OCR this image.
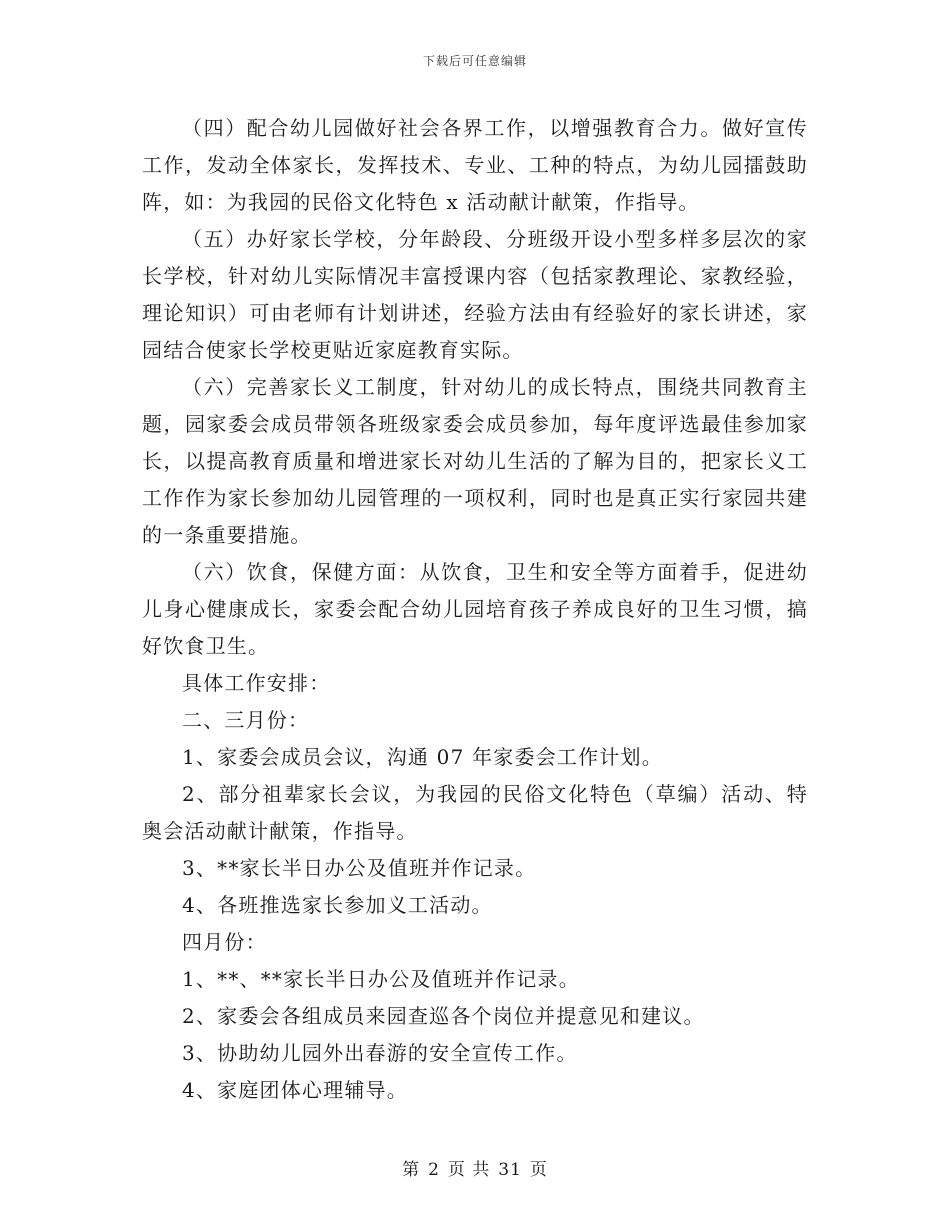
下载后可任意编辑

（四）配合幼儿园做好社会各界工作，以增强教育合力。做好宣传工作，发动全体家长，发挥技术、专业、工种的特点，为幼儿园擂鼓助阵，如：为我园的民俗文化特色 x 活动献计献策，作指导。

（五）办好家长学校，分年龄段、分班级开设小型多样多层次的家长学校，针对幼儿实际情况丰富授课内容（包括家教理论、家教经验，理论知识）可由老师有计划讲述，经验方法由有经验好的家长讲述，家园结合使家长学校更贴近家庭教育实际。

（六）完善家长义工制度，针对幼儿的成长特点，围绕共同教育主题，园家委会成员带领各班级家委会成员参加，每年度评选最佳参加家长，以提高教育质量和增进家长对幼儿生活的了解为目的，把家长义工工作作为家长参加幼儿园管理的一项权利，同时也是真正实行家园共建的一条重要措施。

（六）饮食，保健方面：从饮食，卫生和安全等方面着手，促进幼儿身心健康成长，家委会配合幼儿园培育孩子养成良好的卫生习惯，搞好饮食卫生。

具体工作安排：

二、三月份：

1、家委会成员会议，沟通 07 年家委会工作计划。

2、部分祖辈家长会议，为我园的民俗文化特色（草编）活动、特奥会活动献计献策，作指导。

3、**家长半日办公及值班并作记录。

4、各班推选家长参加义工活动。

四月份：

1、**、**家长半日办公及值班并作记录。

2、家委会各组成员来园查巡各个岗位并提意见和建议。

3、协助幼儿园外出春游的安全宣传工作。

4、家庭团体心理辅导。

第 2 页 共 31 页
